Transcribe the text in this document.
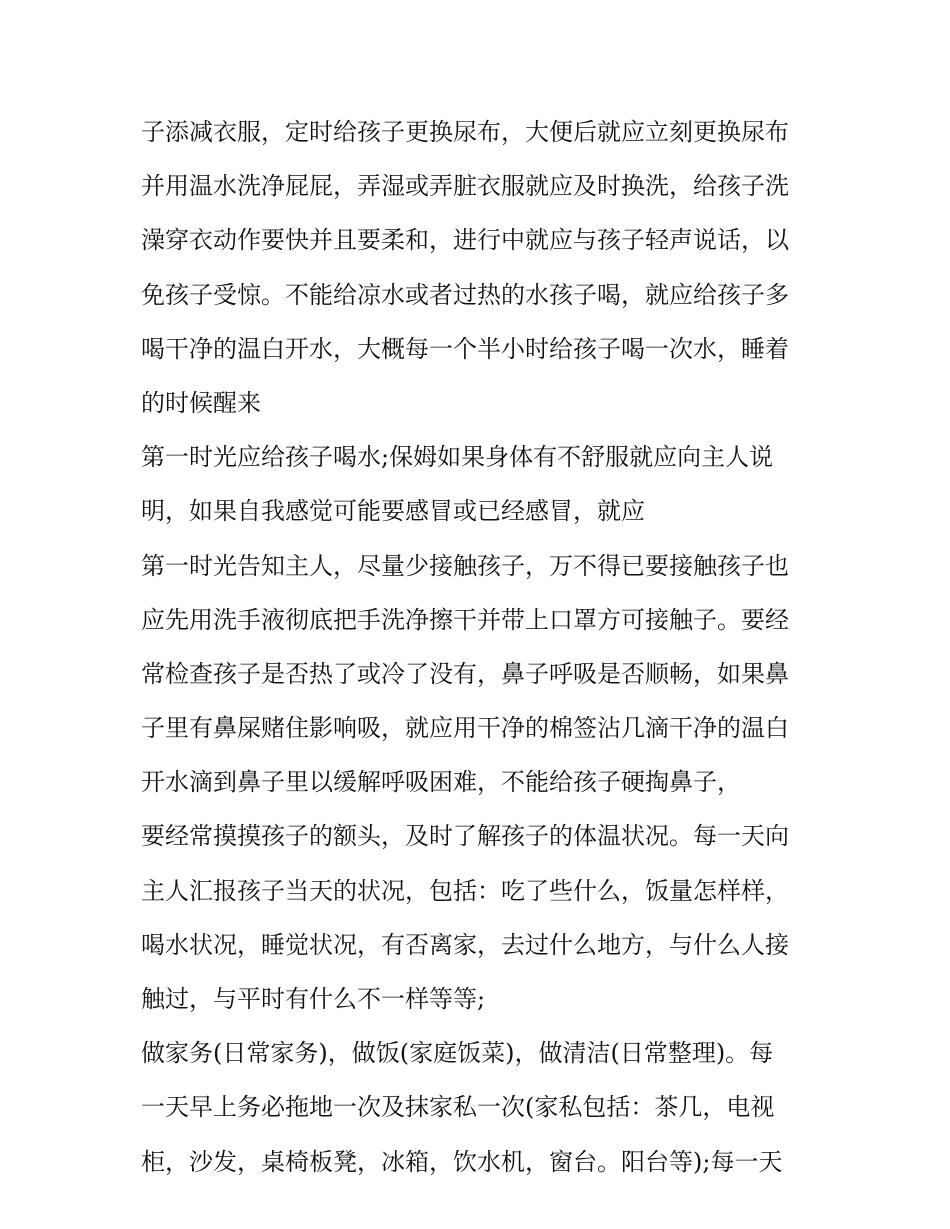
子添减衣服，定时给孩子更换尿布，大便后就应立刻更换尿布
并用温水洗净屁屁，弄湿或弄脏衣服就应及时换洗，给孩子洗
澡穿衣动作要快并且要柔和，进行中就应与孩子轻声说话，以
免孩子受惊。不能给凉水或者过热的水孩子喝，就应给孩子多
喝干净的温白开水，大概每一个半小时给孩子喝一次水，睡着
的时候醒来
第一时光应给孩子喝水;保姆如果身体有不舒服就应向主人说
明，如果自我感觉可能要感冒或已经感冒，就应
第一时光告知主人，尽量少接触孩子，万不得已要接触孩子也
应先用洗手液彻底把手洗净擦干并带上口罩方可接触子。要经
常检查孩子是否热了或冷了没有，鼻子呼吸是否顺畅，如果鼻
子里有鼻屎赌住影响吸，就应用干净的棉签沾几滴干净的温白
开水滴到鼻子里以缓解呼吸困难，不能给孩子硬掏鼻子，
要经常摸摸孩子的额头，及时了解孩子的体温状况。每一天向
主人汇报孩子当天的状况，包括：吃了些什么，饭量怎样样，
喝水状况，睡觉状况，有否离家，去过什么地方，与什么人接
触过，与平时有什么不一样等等;
做家务(日常家务)，做饭(家庭饭菜)，做清洁(日常整理)。每
一天早上务必拖地一次及抹家私一次(家私包括：茶几，电视
柜，沙发，桌椅板凳，冰箱，饮水机，窗台。阳台等);每一天
